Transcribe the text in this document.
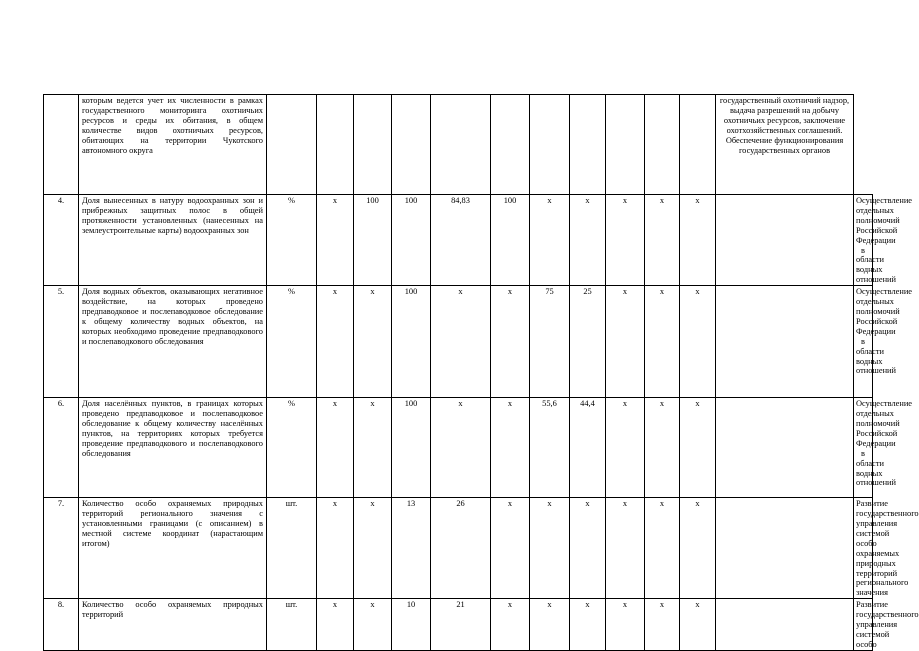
	которым ведется учет их численности в рамках государственного мониторинга охотничьих ресурсов и среды их обитания, в общем количестве видов охотничьих ресурсов, обитающих на территории Чукотского автономного округа												государственный охотничий надзор, выдача разрешений на добычу охотничьих ресурсов, заключение охотхозяйственных соглашений. Обеспечение функционирования государственных органов	
4.	Доля вынесенных в натуру водоохранных зон и прибрежных защитных полос в общей протяженности установленных (нанесенных на землеустроительные карты) водоохранных зон	%	х	100	100	84,83	100	х	х	х	х	х		Осуществление отдельных полномочий Российской Федерации в области водных отношений
5.	Доля водных объектов, оказывающих негативное воздействие, на которых проведено предпаводковое и послепаводковое обследование к общему количеству водных объектов, на которых необходимо проведение предпаводкового и послепаводкового обследования	%	х	х	100	х	х	75	25	х	х	х		Осуществление отдельных полномочий Российской Федерации в области водных отношений
6.	Доля населённых пунктов, в границах которых проведено предпаводковое и послепаводковое обследование к общему количеству населённых пунктов, на территориях которых требуется проведение предпаводкового и послепаводкового обследования	%	х	х	100	х	х	55,6	44,4	х	х	х		Осуществление отдельных полномочий Российской Федерации в области водных отношений
7.	Количество особо охраняемых природных территорий регионального значения с установленными границами (с описанием) в местной системе координат (нарастающим итогом)	шт.	х	х	13	26	х	х	х	х	х	х		Развитие государственного управления системой особо охраняемых природных территорий регионального значения
8.	Количество особо охраняемых природных территорий	шт.	х	х	10	21	х	х	х	х	х	х		Развитие государственного управления системой особо
